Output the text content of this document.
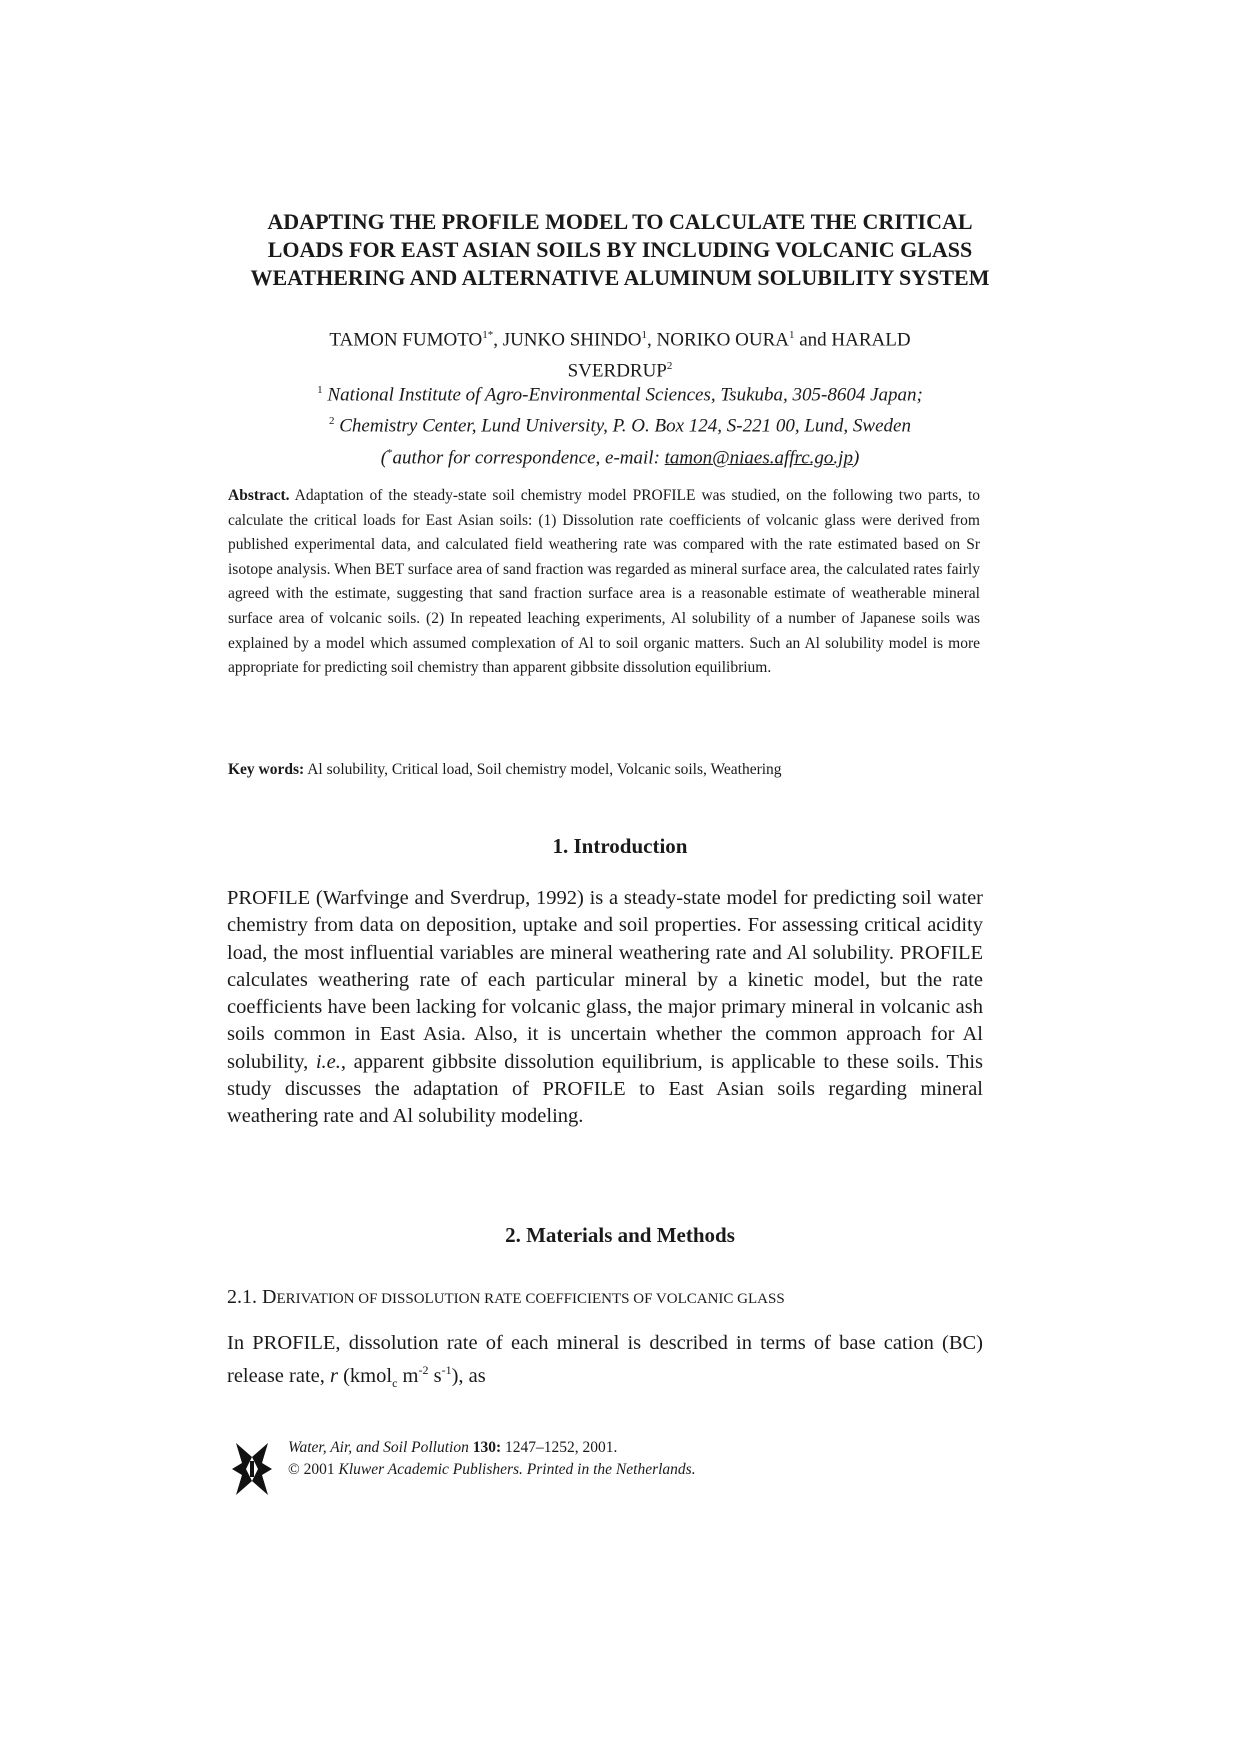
ADAPTING THE PROFILE MODEL TO CALCULATE THE CRITICAL
LOADS FOR EAST ASIAN SOILS BY INCLUDING VOLCANIC GLASS
WEATHERING AND ALTERNATIVE ALUMINUM SOLUBILITY SYSTEM
TAMON $FUMOTO^{1*}$, JUNKO SHINDO$^1$, NORIKO OURA$^1$ and HARALD
SVERDRUP$^2$
$^1$ National Institute of Agro-Environmental Sciences, Tsukuba, 305-8604 Japan;
$^2$ Chemistry Center, Lund University, P. O. Box 124, S-221 00, Lund, Sweden
(*author for correspondence, e-mail: tamon@niaes.affrc.go.jp)
Abstract. Adaptation of the steady-state soil chemistry model PROFILE was studied, on the following two parts, to calculate the critical loads for East Asian soils: (1) Dissolution rate coefficients of volcanic glass were derived from published experimental data, and calculated field weathering rate was compared with the rate estimated based on Sr isotope analysis. When BET surface area of sand fraction was regarded as mineral surface area, the calculated rates fairly agreed with the estimate, suggesting that sand fraction surface area is a reasonable estimate of weatherable mineral surface area of volcanic soils. (2) In repeated leaching experiments, Al solubility of a number of Japanese soils was explained by a model which assumed complexation of Al to soil organic matters. Such an Al solubility model is more appropriate for predicting soil chemistry than apparent gibbsite dissolution equilibrium.
Key words: Al solubility, Critical load, Soil chemistry model, Volcanic soils, Weathering
1. Introduction
PROFILE (Warfvinge and Sverdrup, 1992) is a steady-state model for predicting soil water chemistry from data on deposition, uptake and soil properties. For assessing critical acidity load, the most influential variables are mineral weathering rate and Al solubility. PROFILE calculates weathering rate of each particular mineral by a kinetic model, but the rate coefficients have been lacking for volcanic glass, the major primary mineral in volcanic ash soils common in East Asia. Also, it is uncertain whether the common approach for Al solubility, i.e., apparent gibbsite dissolution equilibrium, is applicable to these soils. This study discusses the adaptation of PROFILE to East Asian soils regarding mineral weathering rate and Al solubility modeling.
2. Materials and Methods
2.1. DERIVATION OF DISSOLUTION RATE COEFFICIENTS OF VOLCANIC GLASS
In PROFILE, dissolution rate of each mineral is described in terms of base cation (BC) release rate, r (kmol$_c$ $m^{-2}$ $s^{-1}$), as
Water, Air, and Soil Pollution 130: 1247–1252, 2001.
© 2001 Kluwer Academic Publishers. Printed in the Netherlands.
